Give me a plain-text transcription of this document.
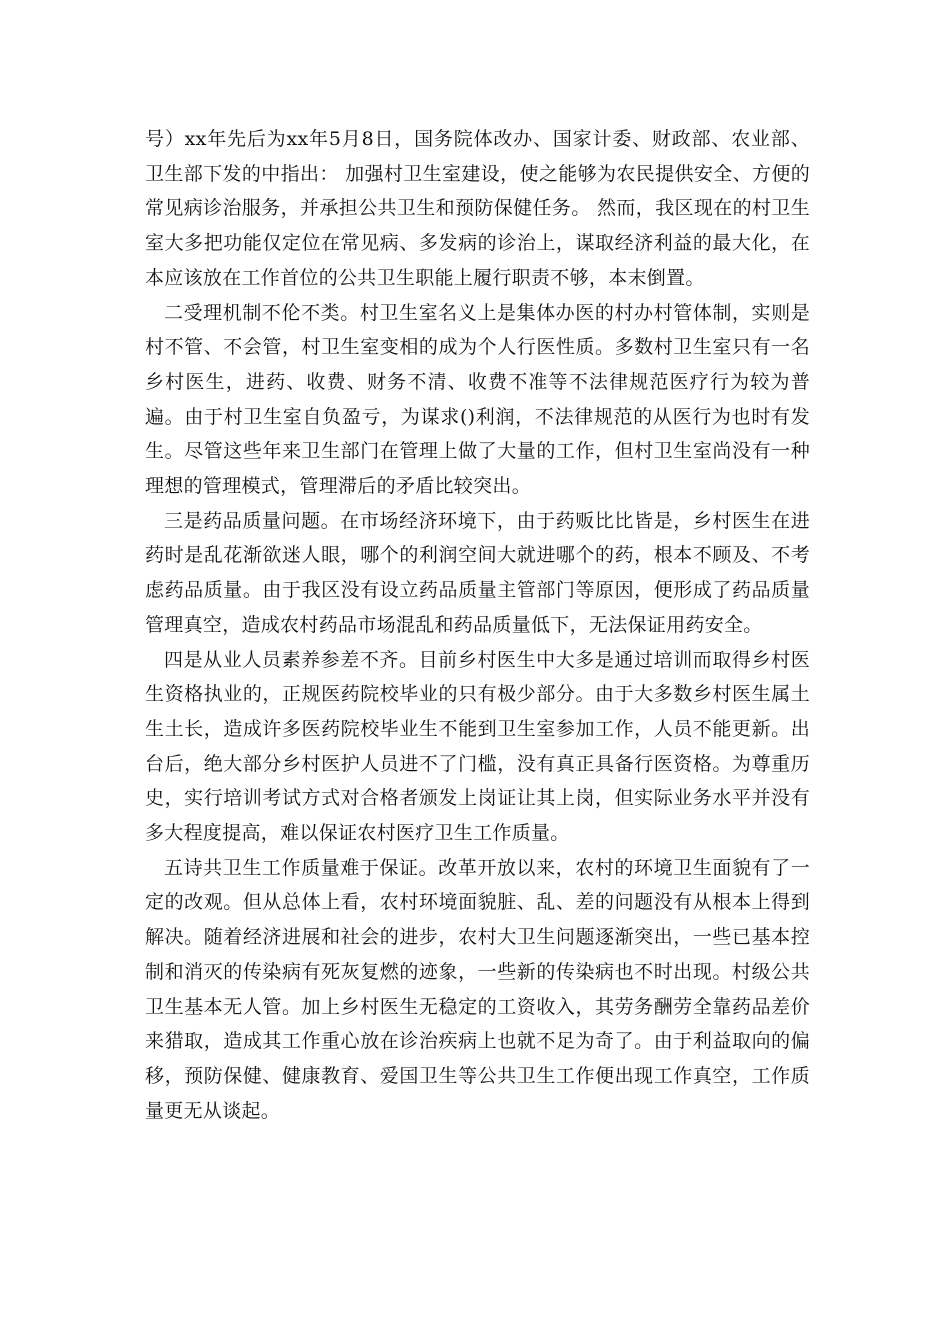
号）xx年先后为xx年5月8日，国务院体改办、国家计委、财政部、农业部、卫生部下发的中指出： 加强村卫生室建设，使之能够为农民提供安全、方便的常见病诊治服务，并承担公共卫生和预防保健任务。 然而，我区现在的村卫生室大多把功能仅定位在常见病、多发病的诊治上，谋取经济利益的最大化，在本应该放在工作首位的公共卫生职能上履行职责不够，本末倒置。

二受理机制不伦不类。村卫生室名义上是集体办医的村办村管体制，实则是村不管、不会管，村卫生室变相的成为个人行医性质。多数村卫生室只有一名乡村医生，进药、收费、财务不清、收费不准等不法律规范医疗行为较为普遍。由于村卫生室自负盈亏，为谋求()利润，不法律规范的从医行为也时有发生。尽管这些年来卫生部门在管理上做了大量的工作，但村卫生室尚没有一种理想的管理模式，管理滞后的矛盾比较突出。

三是药品质量问题。在市场经济环境下，由于药贩比比皆是，乡村医生在进药时是乱花渐欲迷人眼，哪个的利润空间大就进哪个的药，根本不顾及、不考虑药品质量。由于我区没有设立药品质量主管部门等原因，便形成了药品质量管理真空，造成农村药品市场混乱和药品质量低下，无法保证用药安全。

四是从业人员素养参差不齐。目前乡村医生中大多是通过培训而取得乡村医生资格执业的，正规医药院校毕业的只有极少部分。由于大多数乡村医生属土生土长，造成许多医药院校毕业生不能到卫生室参加工作，人员不能更新。出台后，绝大部分乡村医护人员进不了门槛，没有真正具备行医资格。为尊重历史，实行培训考试方式对合格者颁发上岗证让其上岗，但实际业务水平并没有多大程度提高，难以保证农村医疗卫生工作质量。

五诗共卫生工作质量难于保证。改革开放以来，农村的环境卫生面貌有了一定的改观。但从总体上看，农村环境面貌脏、乱、差的问题没有从根本上得到解决。随着经济进展和社会的进步，农村大卫生问题逐渐突出，一些已基本控制和消灭的传染病有死灰复燃的迹象，一些新的传染病也不时出现。村级公共卫生基本无人管。加上乡村医生无稳定的工资收入，其劳务酬劳全靠药品差价来猎取，造成其工作重心放在诊治疾病上也就不足为奇了。由于利益取向的偏移，预防保健、健康教育、爱国卫生等公共卫生工作便出现工作真空，工作质量更无从谈起。
